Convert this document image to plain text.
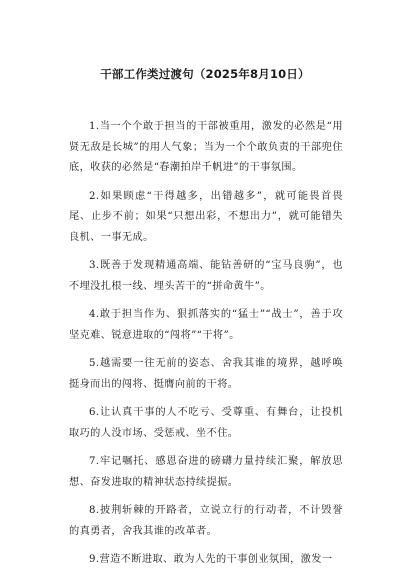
干部工作类过渡句（2025年8月10日）

1.当一个个敢于担当的干部被重用，激发的必然是“用贤无敌是长城”的用人气象；当为一个个敢负责的干部兜住底，收获的必然是“春潮拍岸千帆进”的干事氛围。

2.如果顾虑“干得越多，出错越多”，就可能畏首畏尾、止步不前；如果“只想出彩，不想出力”，就可能错失良机、一事无成。

3.既善于发现精通高端、能钻善研的“宝马良驹”，也不埋没扎根一线、埋头苦干的“拼命黄牛”。

4.敢于担当作为、狠抓落实的“猛士”“战士”，善于攻坚克难、锐意进取的“闯将”“干将”。

5.越需要一往无前的姿态、舍我其谁的境界，越呼唤挺身而出的闯将、挺膺向前的干将。

6.让认真干事的人不吃亏、受尊重、有舞台，让投机取巧的人没市场、受惩戒、坐不住。

7.牢记嘱托、感恩奋进的磅礴力量持续汇聚，解放思想、奋发进取的精神状态持续提振。

8.披荆斩棘的开路者，立说立行的行动者，不计毁誉的真勇者，舍我其谁的改革者。

9.营造不断进取、敢为人先的干事创业氛围，激发一
